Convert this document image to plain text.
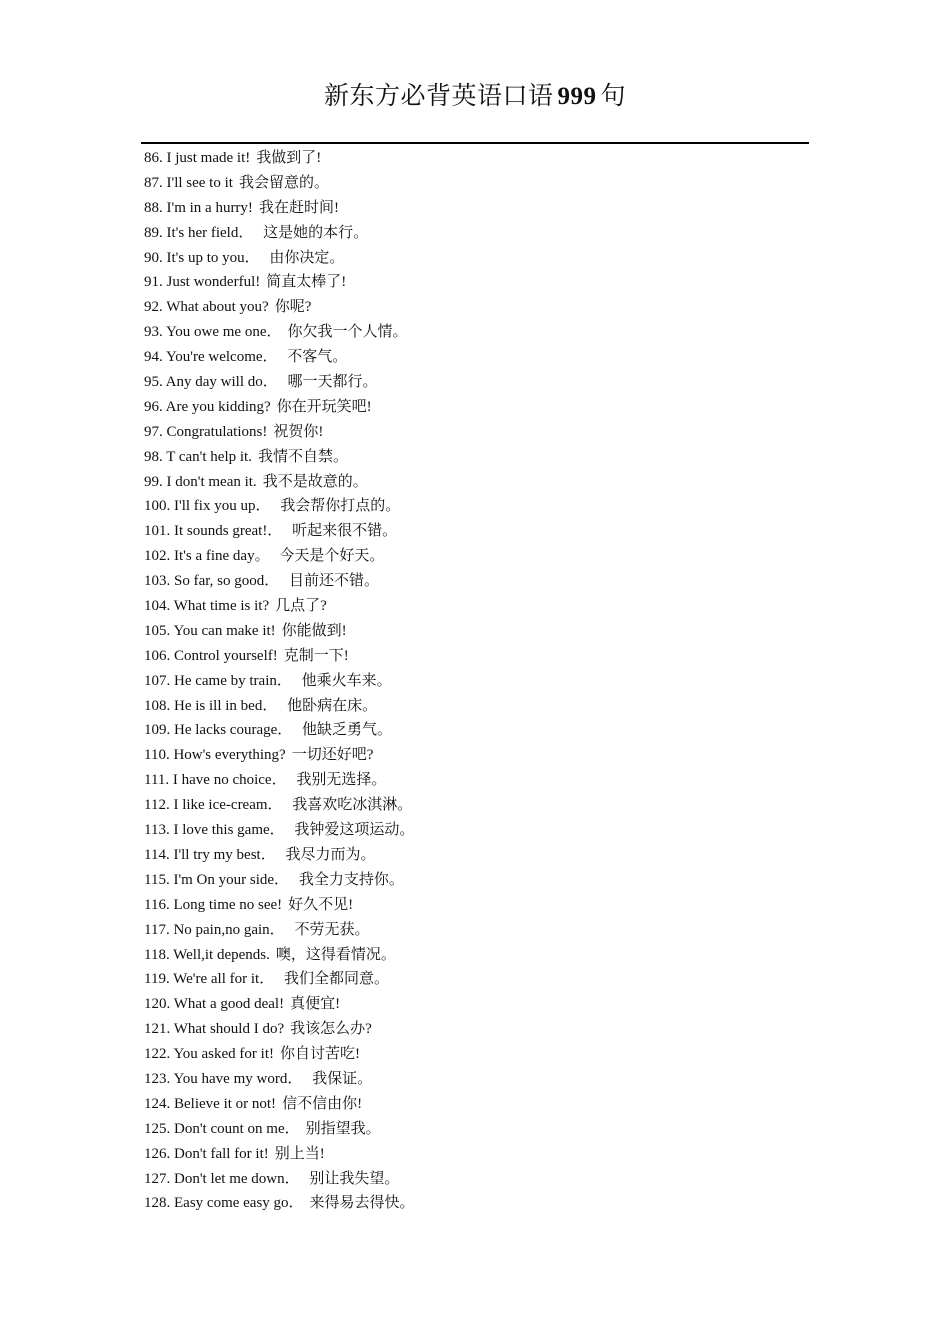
新东方必背英语口语 999 句
86. I just made it! 我做到了!
87. I'll see to it 我会留意的。
88. I'm in a hurry! 我在赶时间!
89. It's her field． 这是她的本行。
90. It's up to you． 由你决定。
91. Just wonderful! 简直太棒了!
92. What about you? 你呢?
93. You owe me one． 你欠我一个人情。
94. You're welcome． 不客气。
95. Any day will do． 哪一天都行。
96. Are you kidding? 你在开玩笑吧!
97. Congratulations! 祝贺你!
98. T can't help it. 我情不自禁。
99. I don't mean it. 我不是故意的。
100. I'll fix you up． 我会帮你打点的。
101. It sounds great!． 听起来很不错。
102. It's a fine day。 今天是个好天。
103. So far, so good． 目前还不错。
104. What time is it? 几点了?
105. You can make it! 你能做到!
106. Control yourself! 克制一下!
107. He came by train． 他乘火车来。
108. He is ill in bed． 他卧病在床。
109. He lacks courage． 他缺乏勇气。
110. How's everything? 一切还好吧?
111. I have no choice． 我别无选择。
112. I like ice-cream． 我喜欢吃冰淇淋。
113. I love this game． 我钟爱这项运动。
114. I'll try my best． 我尽力而为。
115. I'm On your side． 我全力支持你。
116. Long time no see! 好久不见!
117. No pain,no gain． 不劳无获。
118. Well,it depends. 噢，这得看情况。
119. We're all for it． 我们全都同意。
120. What a good deal! 真便宜!
121. What should I do? 我该怎么办?
122. You asked for it! 你自讨苦吃!
123. You have my word． 我保证。
124. Believe it or not! 信不信由你!
125. Don't count on me． 别指望我。
126. Don't fall for it! 别上当!
127. Don't let me down． 别让我失望。
128. Easy come easy go． 来得易去得快。
